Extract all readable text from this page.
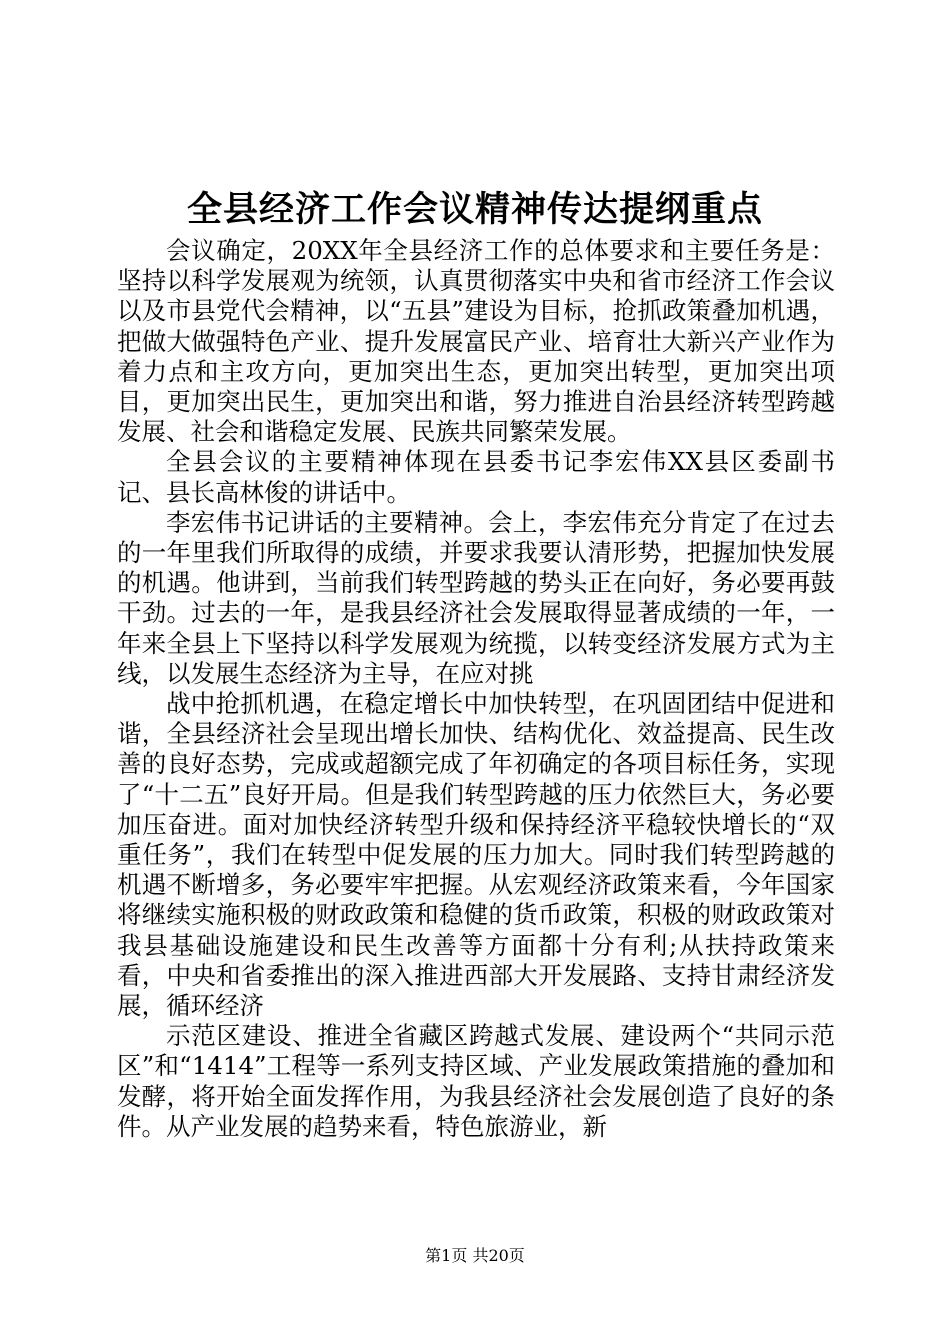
全县经济工作会议精神传达提纲重点

会议确定，20XX年全县经济工作的总体要求和主要任务是：坚持以科学发展观为统领，认真贯彻落实中央和省市经济工作会议以及市县党代会精神，以“五县”建设为目标，抢抓政策叠加机遇，把做大做强特色产业、提升发展富民产业、培育壮大新兴产业作为着力点和主攻方向，更加突出生态，更加突出转型，更加突出项目，更加突出民生，更加突出和谐，努力推进自治县经济转型跨越发展、社会和谐稳定发展、民族共同繁荣发展。

全县会议的主要精神体现在县委书记李宏伟XX县区委副书记、县长高林俊的讲话中。

李宏伟书记讲话的主要精神。会上，李宏伟充分肯定了在过去的一年里我们所取得的成绩，并要求我要认清形势，把握加快发展的机遇。他讲到，当前我们转型跨越的势头正在向好，务必要再鼓干劲。过去的一年，是我县经济社会发展取得显著成绩的一年，一年来全县上下坚持以科学发展观为统揽，以转变经济发展方式为主线，以发展生态经济为主导，在应对挑

战中抢抓机遇，在稳定增长中加快转型，在巩固团结中促进和谐，全县经济社会呈现出增长加快、结构优化、效益提高、民生改善的良好态势，完成或超额完成了年初确定的各项目标任务，实现了“十二五”良好开局。但是我们转型跨越的压力依然巨大，务必要加压奋进。面对加快经济转型升级和保持经济平稳较快增长的“双重任务”，我们在转型中促发展的压力加大。同时我们转型跨越的机遇不断增多，务必要牢牢把握。从宏观经济政策来看，今年国家将继续实施积极的财政政策和稳健的货币政策，积极的财政政策对我县基础设施建设和民生改善等方面都十分有利;从扶持政策来看，中央和省委推出的深入推进西部大开发展路、支持甘肃经济发展，循环经济

示范区建设、推进全省藏区跨越式发展、建设两个“共同示范区”和“1414”工程等一系列支持区域、产业发展政策措施的叠加和发酵，将开始全面发挥作用，为我县经济社会发展创造了良好的条件。从产业发展的趋势来看，特色旅游业，新

第1页 共20页
